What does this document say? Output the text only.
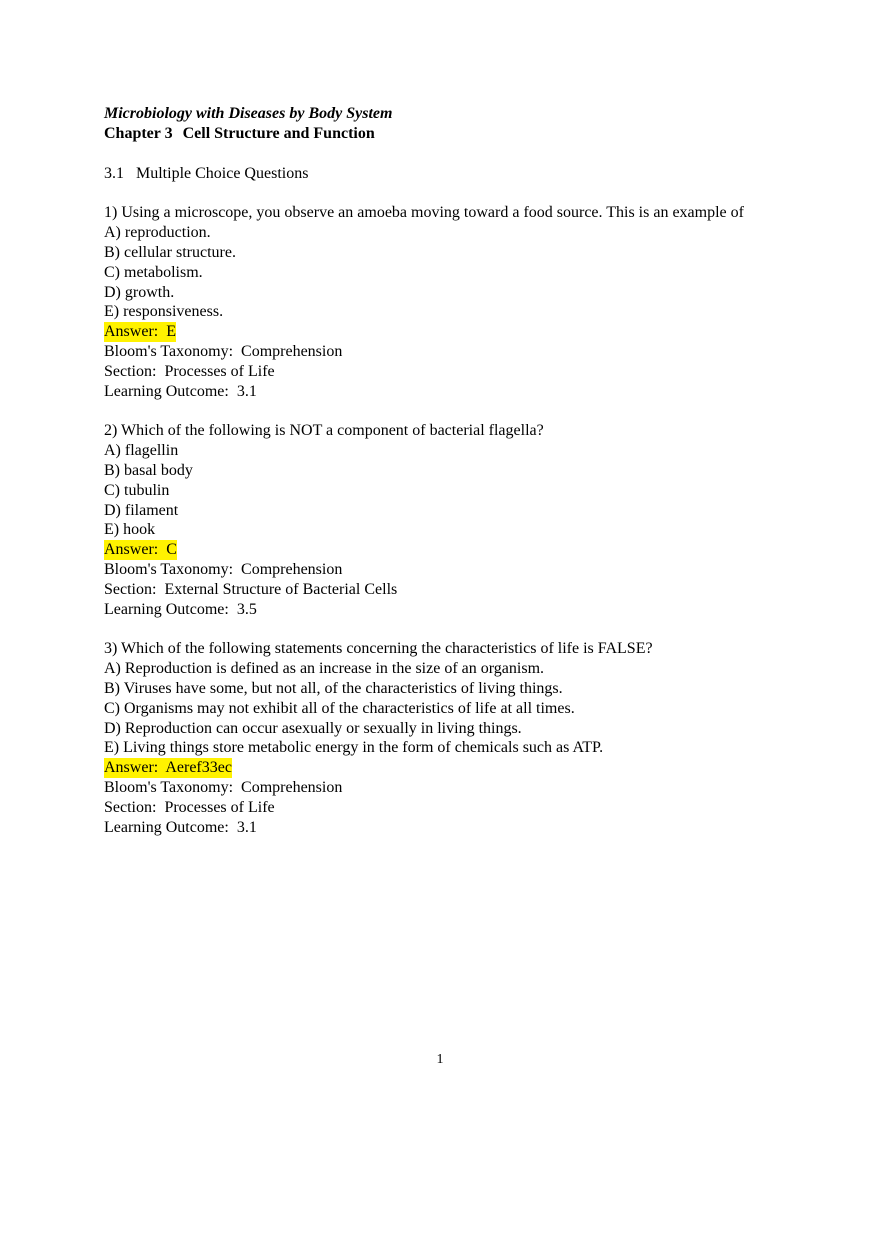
Microbiology with Diseases by Body System
Chapter 3 Cell Structure and Function
3.1 Multiple Choice Questions
1) Using a microscope, you observe an amoeba moving toward a food source. This is an example of
A) reproduction.
B) cellular structure.
C) metabolism.
D) growth.
E) responsiveness.
Answer:  E
Bloom's Taxonomy:  Comprehension
Section:  Processes of Life
Learning Outcome:  3.1
2) Which of the following is NOT a component of bacterial flagella?
A) flagellin
B) basal body
C) tubulin
D) filament
E) hook
Answer:  C
Bloom's Taxonomy:  Comprehension
Section:  External Structure of Bacterial Cells
Learning Outcome:  3.5
3) Which of the following statements concerning the characteristics of life is FALSE?
A) Reproduction is defined as an increase in the size of an organism.
B) Viruses have some, but not all, of the characteristics of living things.
C) Organisms may not exhibit all of the characteristics of life at all times.
D) Reproduction can occur asexually or sexually in living things.
E) Living things store metabolic energy in the form of chemicals such as ATP.
Answer:  Aeref33ec
Bloom's Taxonomy:  Comprehension
Section:  Processes of Life
Learning Outcome:  3.1
1
